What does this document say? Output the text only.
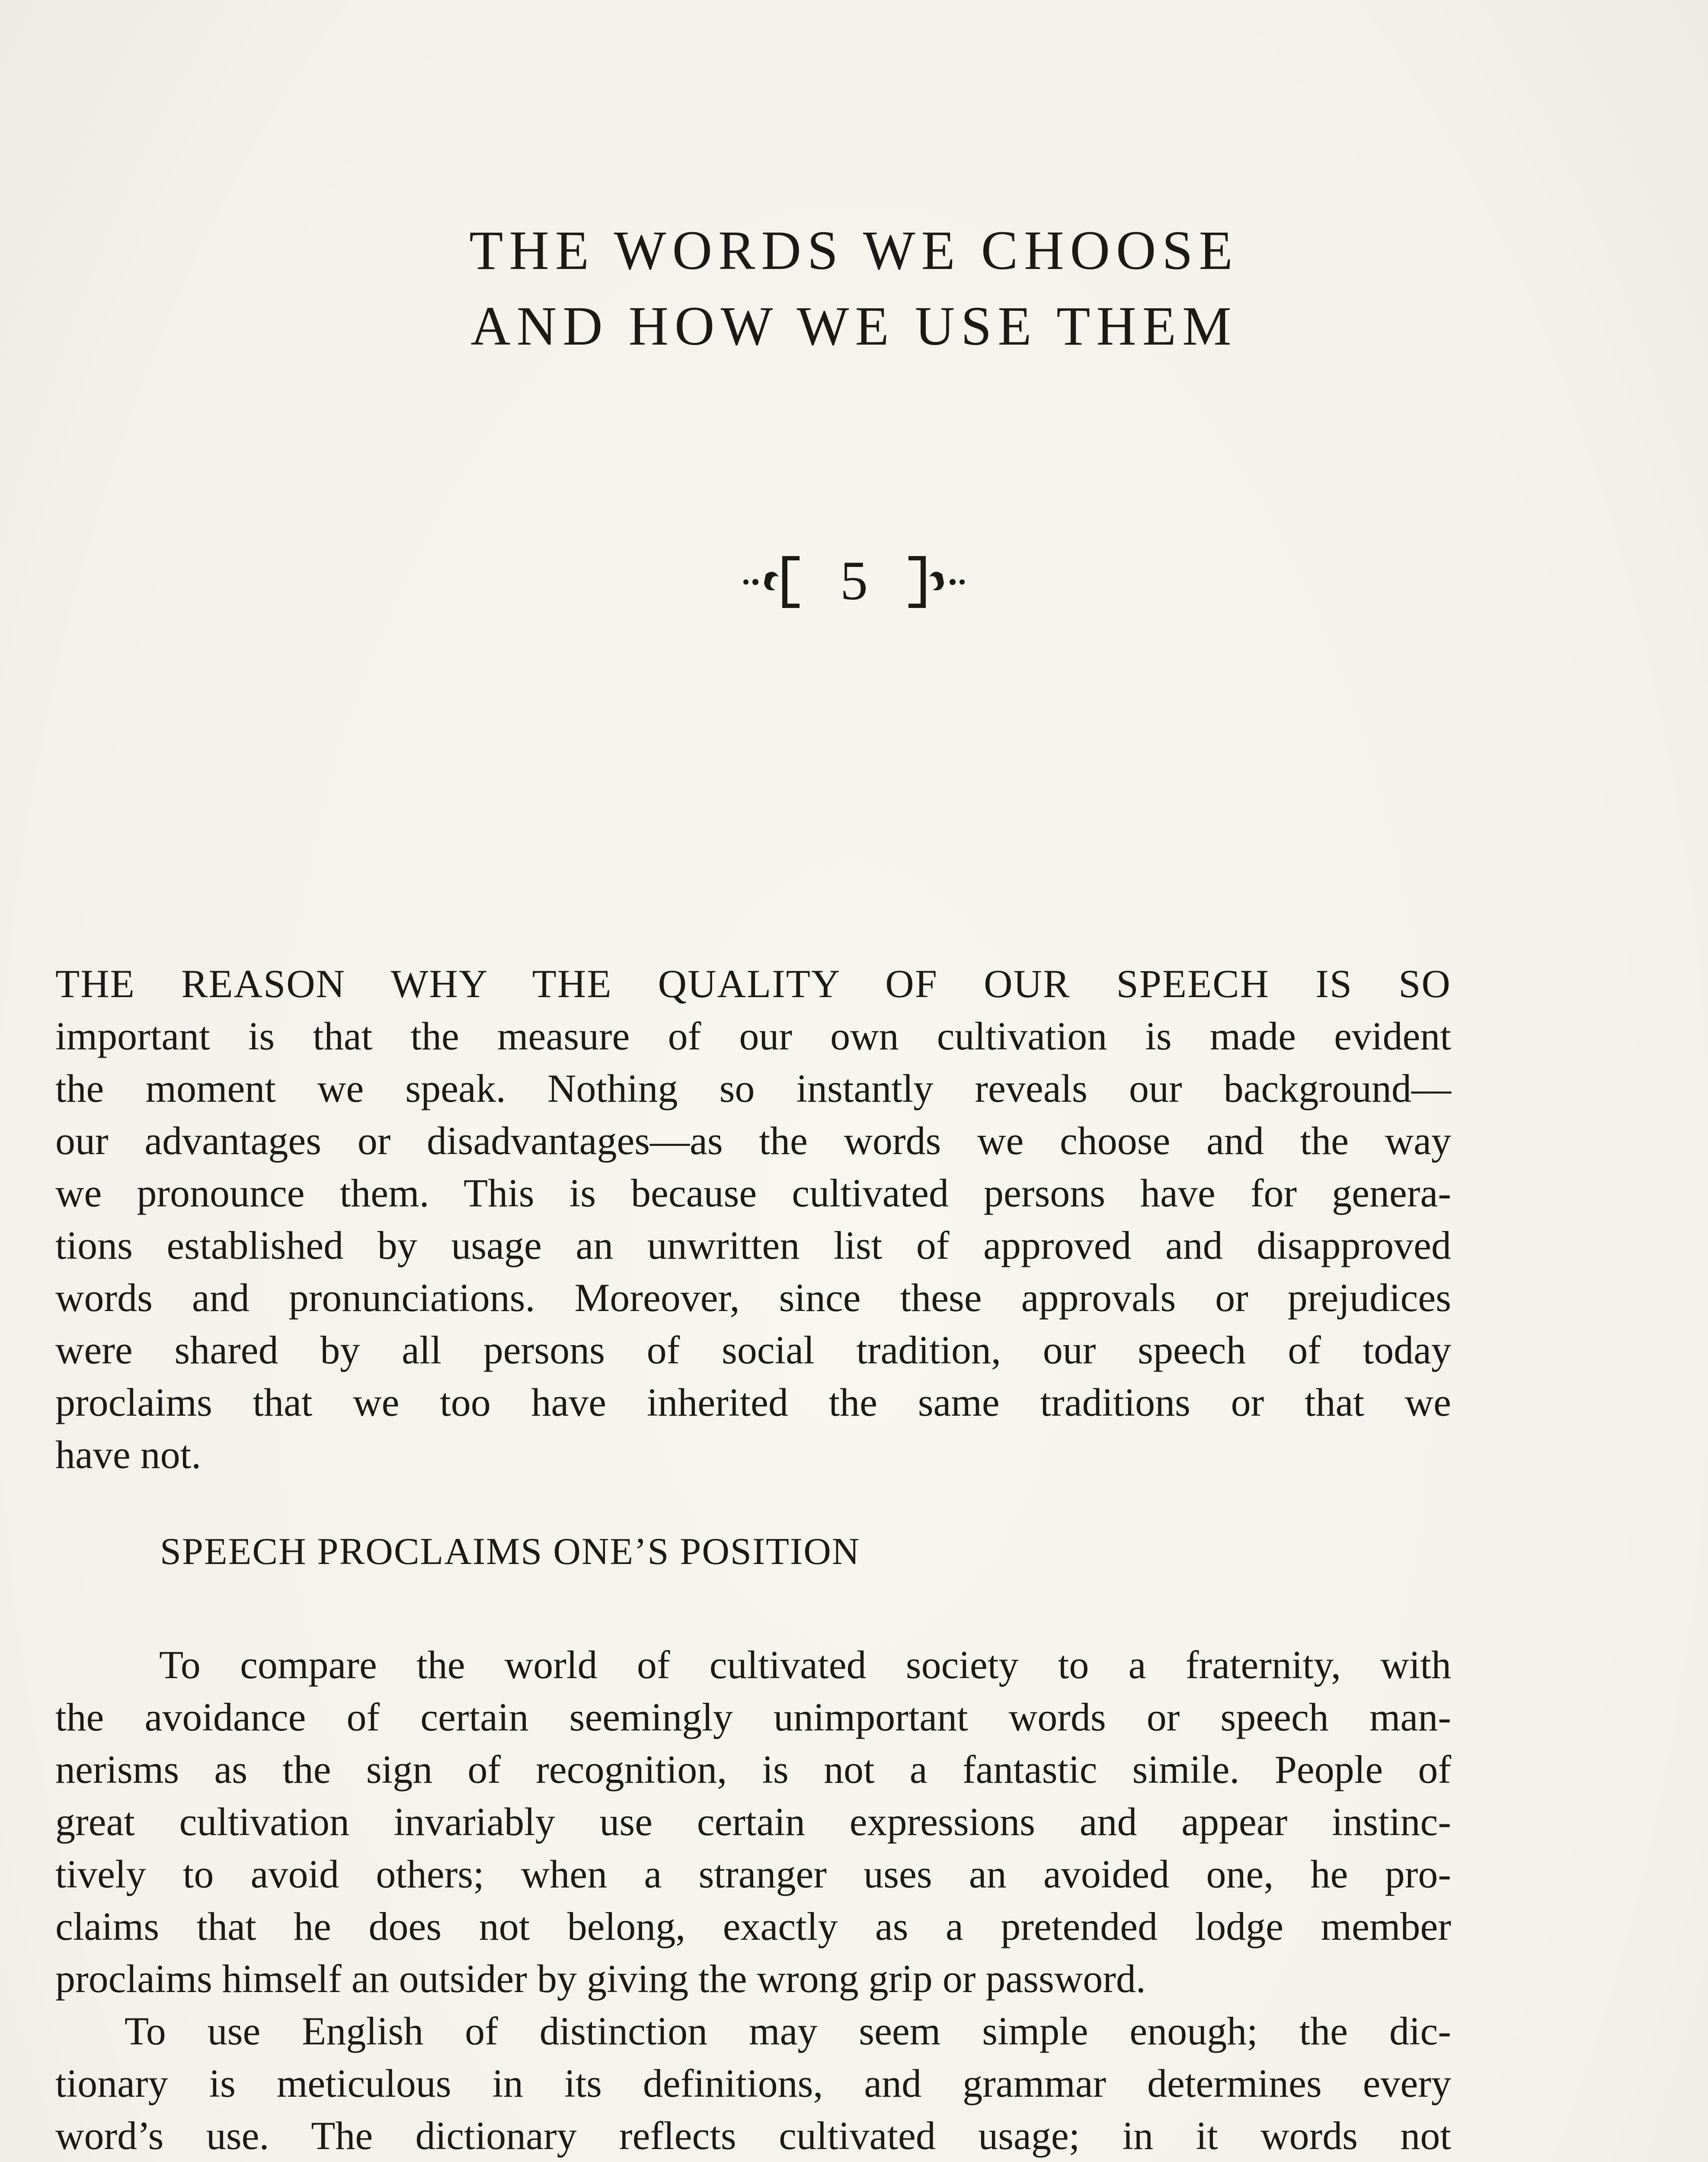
THE WORDS WE CHOOSE
AND HOW WE USE THEM
5
THE REASON WHY THE QUALITY OF OUR SPEECH IS SO
important is that the measure of our own cultivation is made evident
the moment we speak. Nothing so instantly reveals our background—
our advantages or disadvantages—as the words we choose and the way
we pronounce them. This is because cultivated persons have for genera-
tions established by usage an unwritten list of approved and disapproved
words and pronunciations. Moreover, since these approvals or prejudices
were shared by all persons of social tradition, our speech of today
proclaims that we too have inherited the same traditions or that we
have not.
SPEECH PROCLAIMS ONE’S POSITION
To compare the world of cultivated society to a fraternity, with
the avoidance of certain seemingly unimportant words or speech man-
nerisms as the sign of recognition, is not a fantastic simile. People of
great cultivation invariably use certain expressions and appear instinc-
tively to avoid others; when a stranger uses an avoided one, he pro-
claims that he does not belong, exactly as a pretended lodge member
proclaims himself an outsider by giving the wrong grip or password.
To use English of distinction may seem simple enough; the dic-
tionary is meticulous in its definitions, and grammar determines every
word’s use. The dictionary reflects cultivated usage; in it words not
